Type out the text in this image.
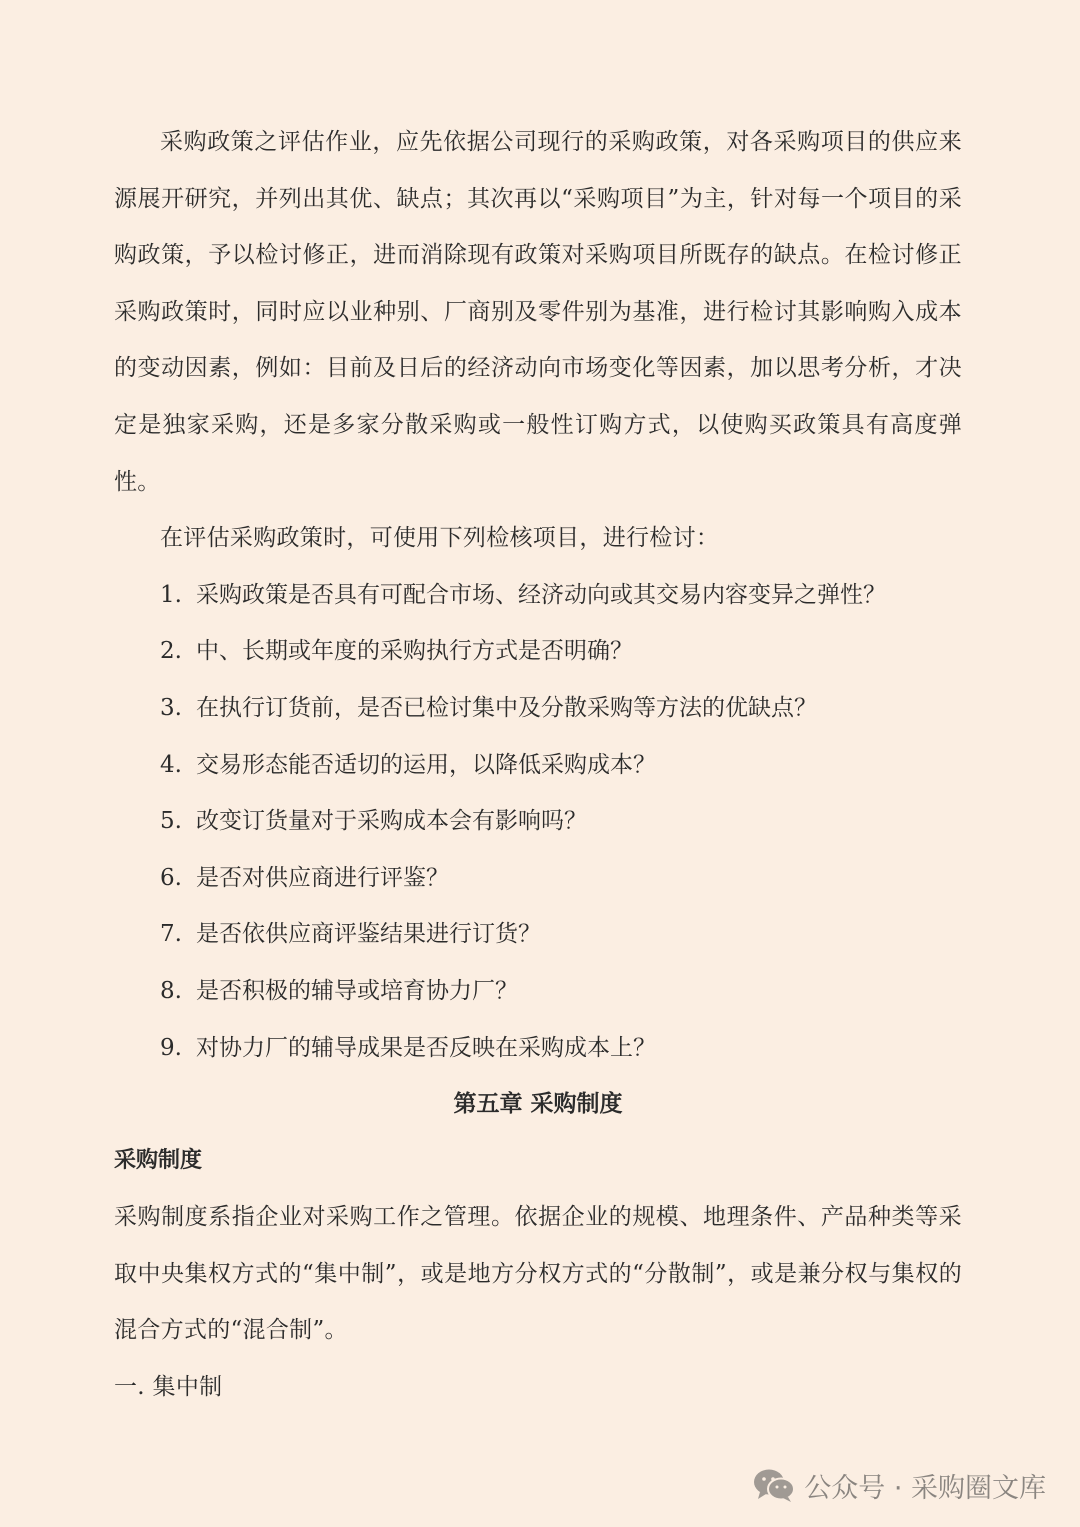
采购政策之评估作业，应先依据公司现行的采购政策，对各采购项目的供应来源展开研究，并列出其优、缺点；其次再以“采购项目”为主，针对每一个项目的采购政策，予以检讨修正，进而消除现有政策对采购项目所既存的缺点。在检讨修正采购政策时，同时应以业种别、厂商别及零件别为基准，进行检讨其影响购入成本的变动因素，例如：目前及日后的经济动向市场变化等因素，加以思考分析，才决定是独家采购，还是多家分散采购或一般性订购方式，以使购买政策具有高度弹性。

在评估采购政策时，可使用下列检核项目，进行检讨：

1. 采购政策是否具有可配合市场、经济动向或其交易内容变异之弹性？
2. 中、长期或年度的采购执行方式是否明确？
3. 在执行订货前，是否已检讨集中及分散采购等方法的优缺点？
4. 交易形态能否适切的运用，以降低采购成本？
5. 改变订货量对于采购成本会有影响吗？
6. 是否对供应商进行评鉴？
7. 是否依供应商评鉴结果进行订货？
8. 是否积极的辅导或培育协力厂？
9. 对协力厂的辅导成果是否反映在采购成本上？
第五章 采购制度
采购制度

采购制度系指企业对采购工作之管理。依据企业的规模、地理条件、产品种类等采取中央集权方式的“集中制”，或是地方分权方式的“分散制”，或是兼分权与集权的混合方式的“混合制”。

一. 集中制

公众号 · 采购圈文库
